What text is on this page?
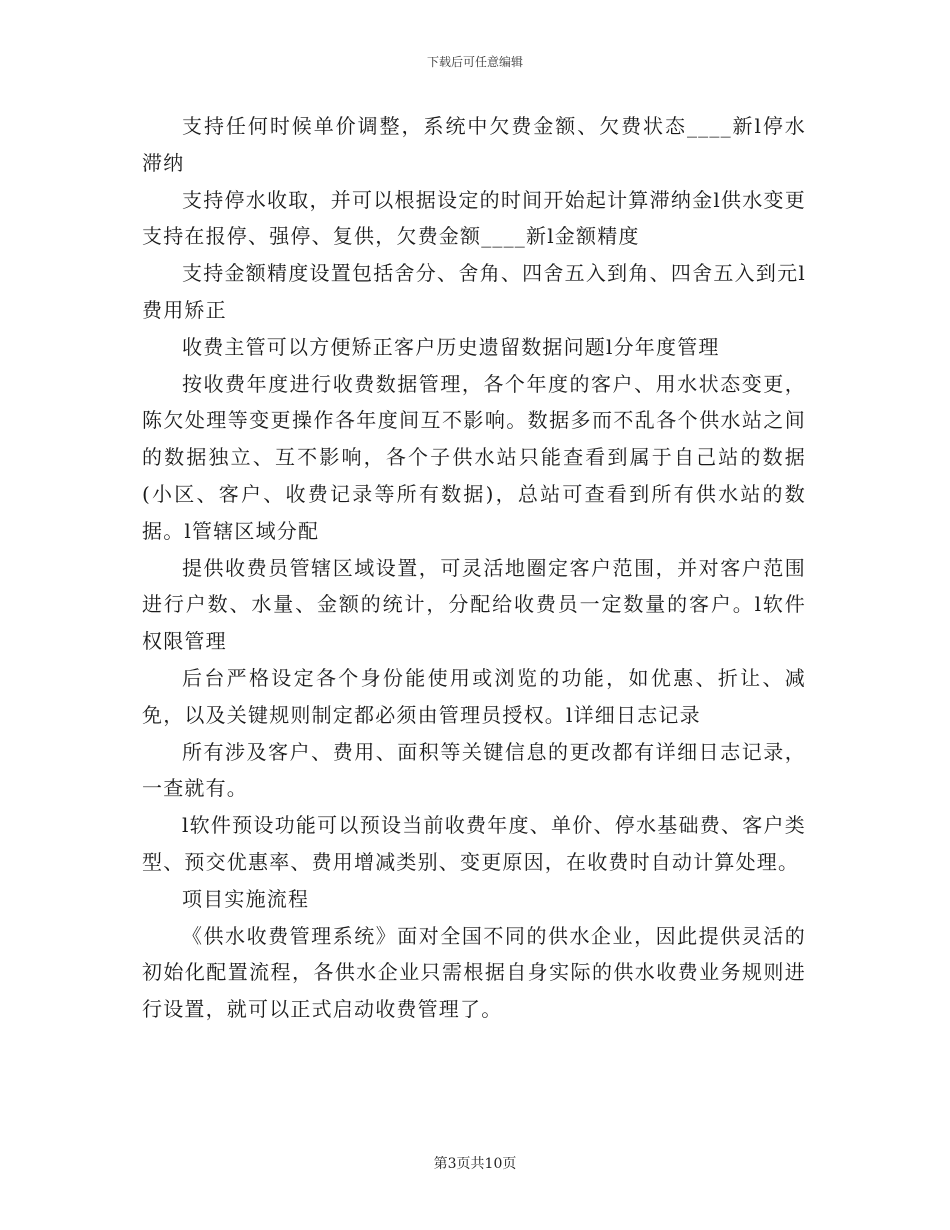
下载后可任意编辑

支持任何时候单价调整，系统中欠费金额、欠费状态____新l停水滞纳

支持停水收取，并可以根据设定的时间开始起计算滞纳金l供水变更支持在报停、强停、复供，欠费金额____新l金额精度

支持金额精度设置包括舍分、舍角、四舍五入到角、四舍五入到元l费用矫正

收费主管可以方便矫正客户历史遗留数据问题l分年度管理

按收费年度进行收费数据管理，各个年度的客户、用水状态变更，陈欠处理等变更操作各年度间互不影响。数据多而不乱各个供水站之间的数据独立、互不影响，各个子供水站只能查看到属于自己站的数据(小区、客户、收费记录等所有数据)，总站可查看到所有供水站的数据。l管辖区域分配

提供收费员管辖区域设置，可灵活地圈定客户范围，并对客户范围进行户数、水量、金额的统计，分配给收费员一定数量的客户。l软件权限管理

后台严格设定各个身份能使用或浏览的功能，如优惠、折让、减免，以及关键规则制定都必须由管理员授权。l详细日志记录

所有涉及客户、费用、面积等关键信息的更改都有详细日志记录，一查就有。

l软件预设功能可以预设当前收费年度、单价、停水基础费、客户类型、预交优惠率、费用增减类别、变更原因，在收费时自动计算处理。

项目实施流程

《供水收费管理系统》面对全国不同的供水企业，因此提供灵活的初始化配置流程，各供水企业只需根据自身实际的供水收费业务规则进行设置，就可以正式启动收费管理了。

第3页共10页
